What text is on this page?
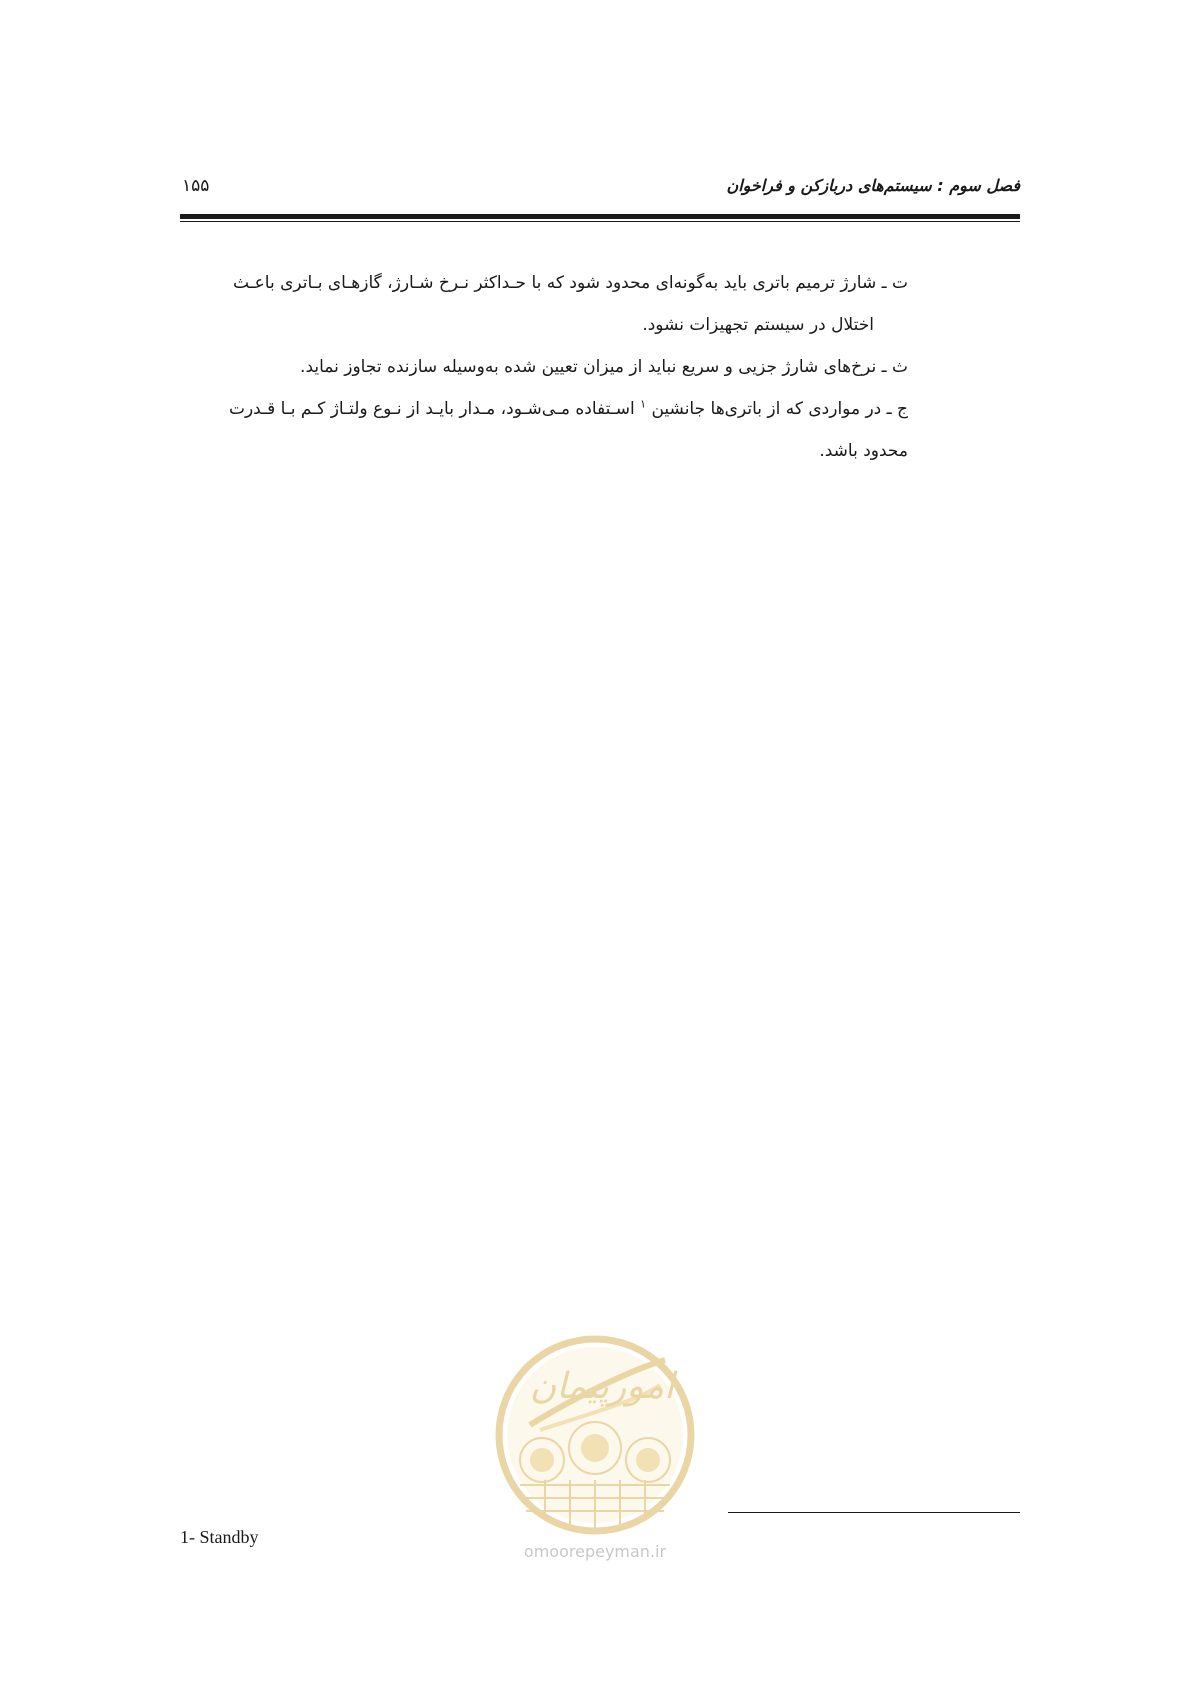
فصل سوم : سیستم‌های دربازکن و فراخوان
۱۵۵

ت ـ شارژ ترمیم باتری باید به‌گونه‌ای محدود شود که با حـداکثر نـرخ شـارژ، گازهـای بـاتری باعـث

اختلال در سیستم تجهیزات نشود.

ث ـ نرخ‌های شارژ جزیی و سریع نباید از میزان تعیین شده به‌وسیله سازنده تجاوز نماید.

ج ـ در مواردی که از باتری‌ها جانشین $^۱$ اسـتفاده مـی‌شـود، مـدار بایـد از نـوع ولتـاژ کـم بـا قـدرت

محدود باشد.

امورپیمان
omoorepeyman.ir
1- Standby
